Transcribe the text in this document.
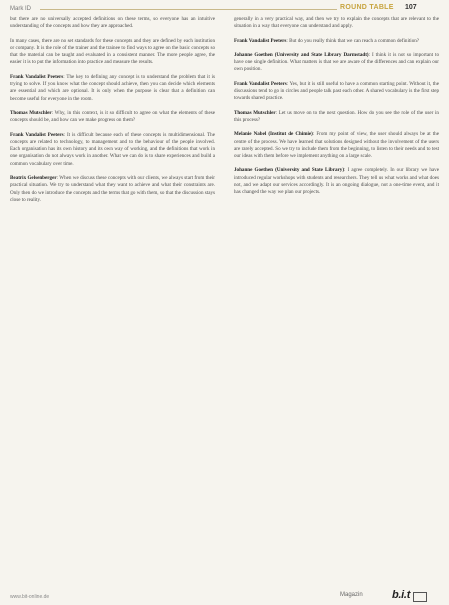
Mark ID	ROUND TABLE 107

but there are no universally accepted definitions on these terms, so everyone has an intuitive understanding of the concepts and how they are approached.

In many cases, there are no set standards for these concepts and they are defined by each institution or company. It is the role of the trainer and the trainee to find ways to agree on the basic concepts so that the material can be taught and evaluated in a consistent manner. The more people agree, the easier it is to put the information into practice and measure the results.

Frank Vandalist Peeters: The key to defining any concept is to understand the problem that it is trying to solve. If you know what the concept should achieve, then you can decide which elements are essential and which are optional. It is only when the purpose is clear that a definition can become useful for everyone in the room.

Thomas Mutschler: Why, in this context, is it so difficult to agree on what the elements of these concepts should be, and how can we make progress on them?

Frank Vandalist Peeters: It is difficult because each of these concepts is multidimensional. The concepts are related to technology, to management and to the behaviour of the people involved. Each organisation has its own history and its own way of working, and the definitions that work in one organisation do not always work in another. What we can do is to share experiences and build a common vocabulary over time.

Beatrix Gelsenberger: When we discuss these concepts with our clients, we always start from their practical situation. We try to understand what they want to achieve and what their constraints are. Only then do we introduce the concepts and the terms that go with them, so that the discussion stays close to reality.

generally in a very practical way, and then we try to explain the concepts that are relevant to the situation in a way that everyone can understand and apply.

Frank Vandalist Peeters: But do you really think that we can reach a common definition?

Johanne Goethen (University and State Library Darmstadt): I think it is not so important to have one single definition. What matters is that we are aware of the differences and can explain our own position.

Frank Vandalist Peeters: Yes, but it is still useful to have a common starting point. Without it, the discussions tend to go in circles and people talk past each other. A shared vocabulary is the first step towards shared practice.

Thomas Mutschler: Let us move on to the next question. How do you see the role of the user in this process?

Melanie Nabel (Institut de Chimie): From my point of view, the user should always be at the centre of the process. We have learned that solutions designed without the involvement of the users are rarely accepted. So we try to include them from the beginning, to listen to their needs and to test our ideas with them before we implement anything on a large scale.

Johanne Goethen (University and State Library): I agree completely. In our library we have introduced regular workshops with students and researchers. They tell us what works and what does not, and we adapt our services accordingly. It is an ongoing dialogue, not a one-time event, and it has changed the way we plan our projects.

www.bit-online.de	Magazin	b.i.t
